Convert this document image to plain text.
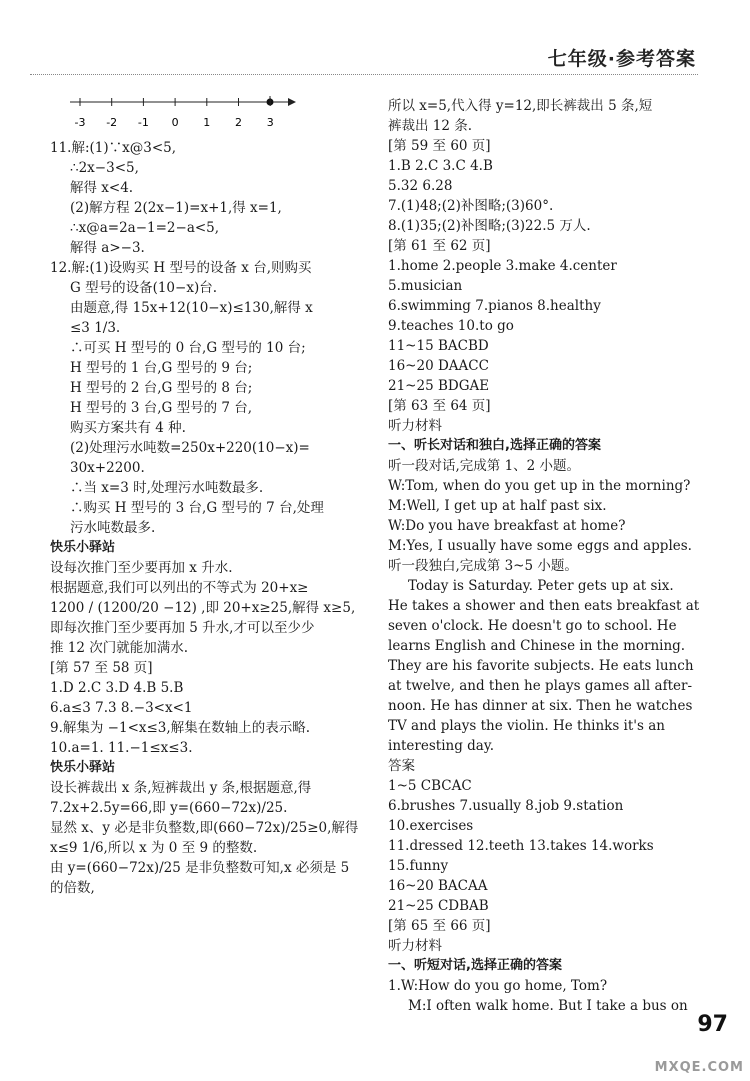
七年级·参考答案
-3 -2 -1 0 1 2 3
11.解:(1)∵x@3<5,
∴2x−3<5,
解得 x<4.
(2)解方程 2(2x−1)=x+1,得 x=1,
∴x@a=2a−1=2−a<5,
解得 a>−3.
12.解:(1)设购买 H 型号的设备 x 台,则购买
G 型号的设备(10−x)台.
由题意,得 15x+12(10−x)≤130,解得 x
≤3 1/3.
∴可买 H 型号的 0 台,G 型号的 10 台;
H 型号的 1 台,G 型号的 9 台;
H 型号的 2 台,G 型号的 8 台;
H 型号的 3 台,G 型号的 7 台,
购买方案共有 4 种.
(2)处理污水吨数=250x+220(10−x)=
30x+2200.
∴当 x=3 时,处理污水吨数最多.
∴购买 H 型号的 3 台,G 型号的 7 台,处理
污水吨数最多.
快乐小驿站
设每次推门至少要再加 x 升水.
根据题意,我们可以列出的不等式为 20+x≥
1200 / (1200/20 −12) ,即 20+x≥25,解得 x≥5,
即每次推门至少要再加 5 升水,才可以至少少
推 12 次门就能加满水.
[第 57 至 58 页]
1.D 2.C 3.D 4.B 5.B
6.a≤3 7.3 8.−3<x<1
9.解集为 −1<x≤3,解集在数轴上的表示略.
10.a=1. 11.−1≤x≤3.
快乐小驿站
设长裤裁出 x 条,短裤裁出 y 条,根据题意,得
7.2x+2.5y=66,即 y=(660−72x)/25.
显然 x、y 必是非负整数,即(660−72x)/25≥0,解得
x≤9 1/6,所以 x 为 0 至 9 的整数.
由 y=(660−72x)/25 是非负整数可知,x 必须是 5
的倍数,
所以 x=5,代入得 y=12,即长裤裁出 5 条,短
裤裁出 12 条.
[第 59 至 60 页]
1.B 2.C 3.C 4.B
5.32 6.28
7.(1)48;(2)补图略;(3)60°.
8.(1)35;(2)补图略;(3)22.5 万人.
[第 61 至 62 页]
1.home 2.people 3.make 4.center
5.musician
6.swimming 7.pianos 8.healthy
9.teaches 10.to go
11~15 BACBD
16~20 DAACC
21~25 BDGAE
[第 63 至 64 页]
听力材料
一、听长对话和独白,选择正确的答案
听一段对话,完成第 1、2 小题。
W:Tom, when do you get up in the morning?
M:Well, I get up at half past six.
W:Do you have breakfast at home?
M:Yes, I usually have some eggs and apples.
听一段独白,完成第 3~5 小题。
Today is Saturday. Peter gets up at six.
He takes a shower and then eats breakfast at
seven o'clock. He doesn't go to school. He
learns English and Chinese in the morning.
They are his favorite subjects. He eats lunch
at twelve, and then he plays games all after-
noon. He has dinner at six. Then he watches
TV and plays the violin. He thinks it's an
interesting day.
答案
1~5 CBCAC
6.brushes 7.usually 8.job 9.station
10.exercises
11.dressed 12.teeth 13.takes 14.works
15.funny
16~20 BACAA
21~25 CDBAB
[第 65 至 66 页]
听力材料
一、听短对话,选择正确的答案
1.W:How do you go home, Tom?
M:I often walk home. But I take a bus on
97
MXQE.COM
